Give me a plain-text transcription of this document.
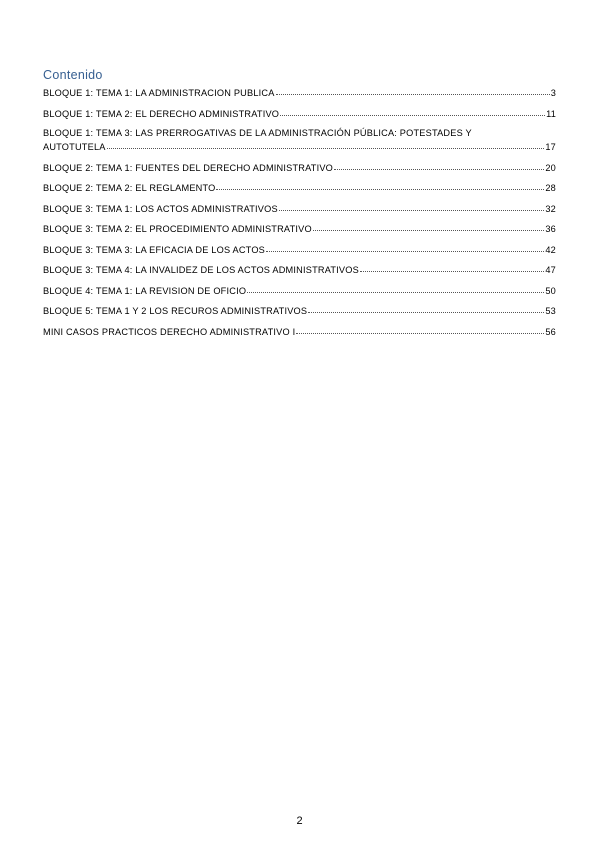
Contenido
BLOQUE 1: TEMA 1: LA ADMINISTRACION PUBLICA	3
BLOQUE 1: TEMA 2: EL DERECHO ADMINISTRATIVO	11
BLOQUE 1: TEMA 3: LAS PRERROGATIVAS DE LA ADMINISTRACIÓN PÚBLICA: POTESTADES Y
AUTOTUTELA	17
BLOQUE 2: TEMA 1: FUENTES DEL DERECHO ADMINISTRATIVO	20
BLOQUE 2: TEMA 2: EL REGLAMENTO	28
BLOQUE 3: TEMA 1: LOS ACTOS ADMINISTRATIVOS	32
BLOQUE 3: TEMA 2: EL PROCEDIMIENTO ADMINISTRATIVO	36
BLOQUE 3: TEMA 3: LA EFICACIA DE LOS ACTOS	42
BLOQUE 3: TEMA 4: LA INVALIDEZ DE LOS ACTOS ADMINISTRATIVOS	47
BLOQUE 4: TEMA 1: LA REVISION DE OFICIO	50
BLOQUE 5: TEMA 1 Y 2 LOS RECUROS ADMINISTRATIVOS	53
MINI CASOS PRACTICOS DERECHO ADMINISTRATIVO I	56
2
